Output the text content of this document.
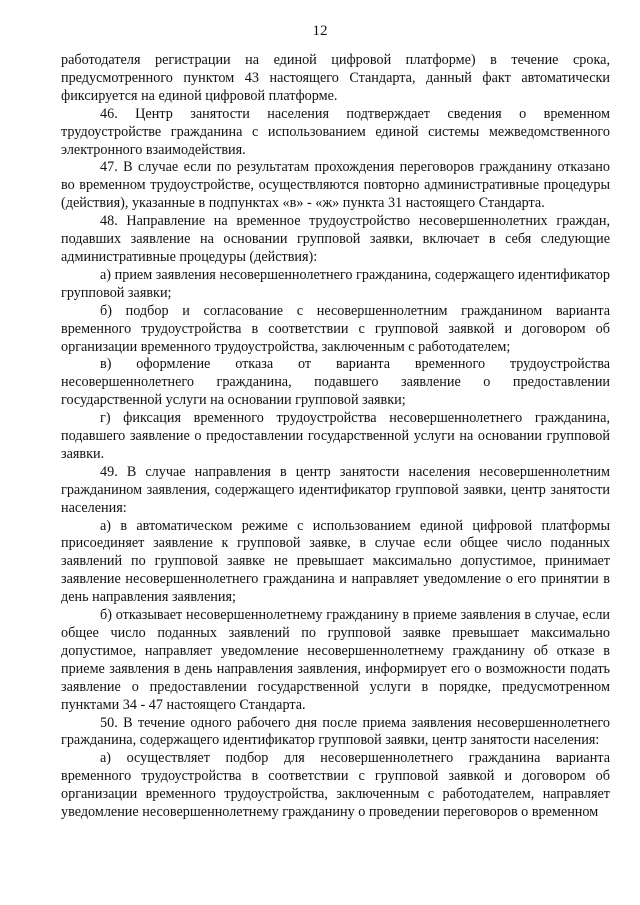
12

работодателя регистрации на единой цифровой платформе) в течение срока, предусмотренного пунктом 43 настоящего Стандарта, данный факт автоматически фиксируется на единой цифровой платформе.

46. Центр занятости населения подтверждает сведения о временном трудоустройстве гражданина с использованием единой системы межведомственного электронного взаимодействия.

47. В случае если по результатам прохождения переговоров гражданину отказано во временном трудоустройстве, осуществляются повторно административные процедуры (действия), указанные в подпунктах «в» - «ж» пункта 31 настоящего Стандарта.

48. Направление на временное трудоустройство несовершеннолетних граждан, подавших заявление на основании групповой заявки, включает в себя следующие административные процедуры (действия):

а) прием заявления несовершеннолетнего гражданина, содержащего идентификатор групповой заявки;

б) подбор и согласование с несовершеннолетним гражданином варианта временного трудоустройства в соответствии с групповой заявкой и договором об организации временного трудоустройства, заключенным с работодателем;

в) оформление отказа от варианта временного трудоустройства несовершеннолетнего гражданина, подавшего заявление о предоставлении государственной услуги на основании групповой заявки;

г) фиксация временного трудоустройства несовершеннолетнего гражданина, подавшего заявление о предоставлении государственной услуги на основании групповой заявки.

49. В случае направления в центр занятости населения несовершеннолетним гражданином заявления, содержащего идентификатор групповой заявки, центр занятости населения:

а) в автоматическом режиме с использованием единой цифровой платформы присоединяет заявление к групповой заявке, в случае если общее число поданных заявлений по групповой заявке не превышает максимально допустимое, принимает заявление несовершеннолетнего гражданина и направляет уведомление о его принятии в день направления заявления;

б) отказывает несовершеннолетнему гражданину в приеме заявления в случае, если общее число поданных заявлений по групповой заявке превышает максимально допустимое, направляет уведомление несовершеннолетнему гражданину об отказе в приеме заявления в день направления заявления, информирует его о возможности подать заявление о предоставлении государственной услуги в порядке, предусмотренном пунктами 34 - 47 настоящего Стандарта.

50. В течение одного рабочего дня после приема заявления несовершеннолетнего гражданина, содержащего идентификатор групповой заявки, центр занятости населения:

а) осуществляет подбор для несовершеннолетнего гражданина варианта временного трудоустройства в соответствии с групповой заявкой и договором об организации временного трудоустройства, заключенным с работодателем, направляет уведомление несовершеннолетнему гражданину о проведении переговоров о временном
